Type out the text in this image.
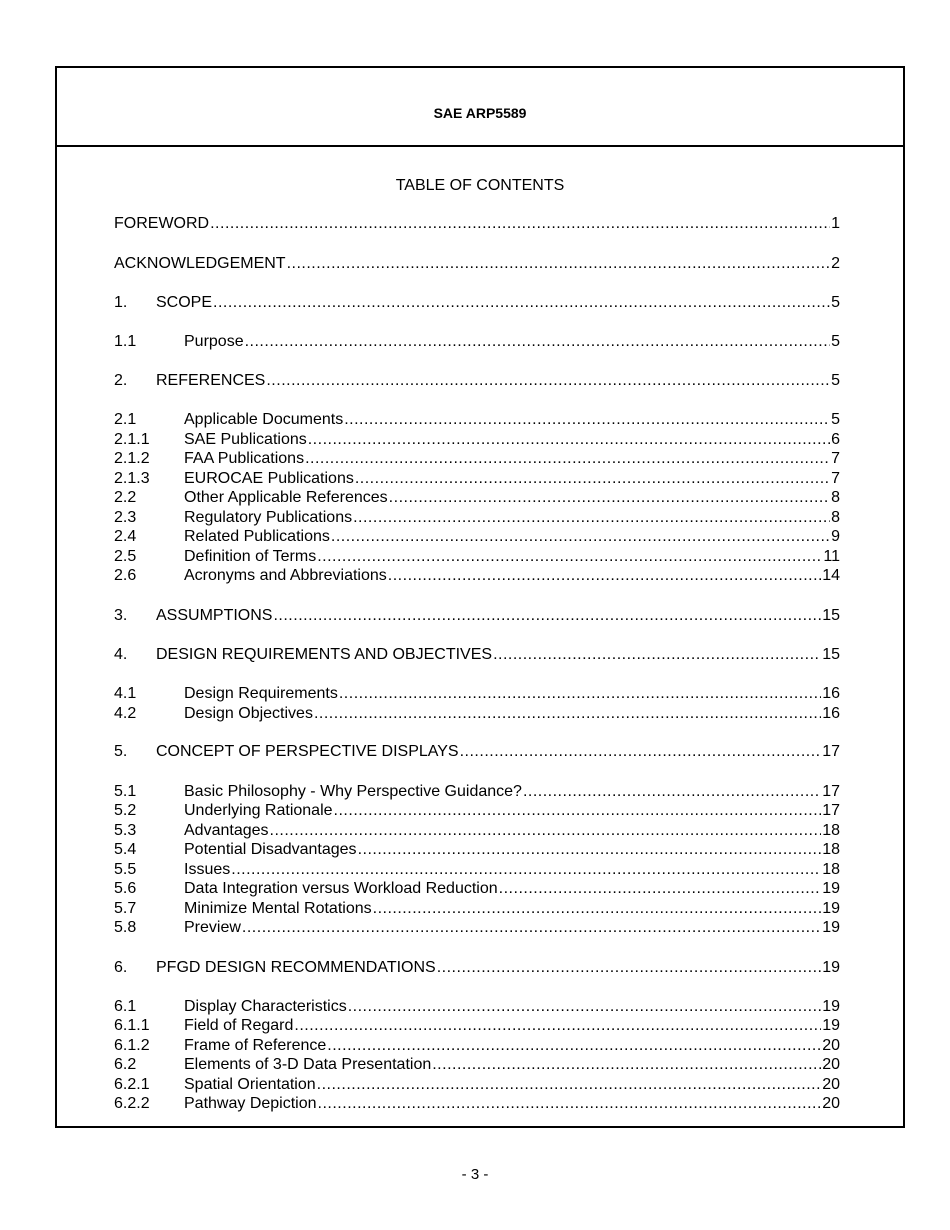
SAE ARP5589
TABLE OF CONTENTS
FOREWORD .....	1
ACKNOWLEDGEMENT .....	2
1.	SCOPE .....	5
1.1	Purpose .....	5
2.	REFERENCES .....	5
2.1	Applicable Documents .....	5
2.1.1	SAE Publications .....	6
2.1.2	FAA Publications .....	7
2.1.3	EUROCAE Publications .....	7
2.2	Other Applicable References .....	8
2.3	Regulatory Publications .....	8
2.4	Related Publications .....	9
2.5	Definition of Terms .....	11
2.6	Acronyms and Abbreviations .....	14
3.	ASSUMPTIONS .....	15
4.	DESIGN REQUIREMENTS AND OBJECTIVES .....	15
4.1	Design Requirements .....	16
4.2	Design Objectives .....	16
5.	CONCEPT OF PERSPECTIVE DISPLAYS .....	17
5.1	Basic Philosophy - Why Perspective Guidance? .....	17
5.2	Underlying Rationale .....	17
5.3	Advantages .....	18
5.4	Potential Disadvantages .....	18
5.5	Issues .....	18
5.6	Data Integration versus Workload Reduction .....	19
5.7	Minimize Mental Rotations .....	19
5.8	Preview .....	19
6.	PFGD DESIGN RECOMMENDATIONS .....	19
6.1	Display Characteristics .....	19
6.1.1	Field of Regard .....	19
6.1.2	Frame of Reference .....	20
6.2	Elements of 3-D Data Presentation .....	20
6.2.1	Spatial Orientation .....	20
6.2.2	Pathway Depiction .....	20
- 3 -
